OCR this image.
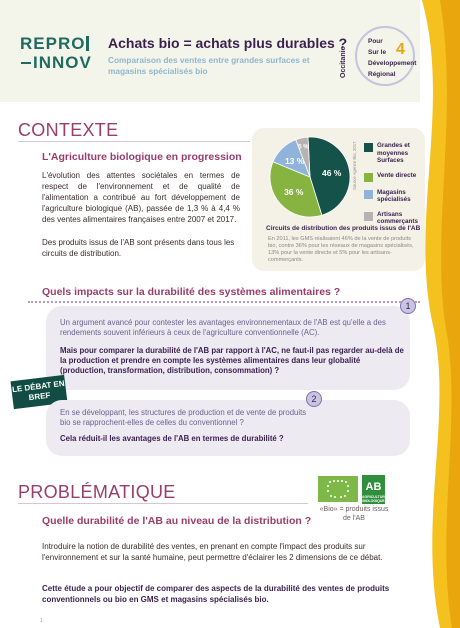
REPRO
INNOV
Achats bio = achats plus durables ?
Comparaison des ventes entre grandes surfaces et magasins spécialisés bio	Occitanie
Pour
Sur le
Développement
Régional
4
CONTEXTE
L'Agriculture biologique en progression
L'évolution des attentes sociétales en termes de respect de l'environnement et de qualité de l'alimentation a contribué au fort développement de l'agriculture biologique (AB), passée de 1,3 % à 4,4 % des ventes alimentaires françaises entre 2007 et 2017.
Des produits issus de l'AB sont présents dans tous les circuits de distribution.
46 %
36 %
13 %
5 %	Source Agence Bio, 2017	Grandes et moyennes Surfaces
Vente directe
Magasins spécialisés
Artisans commerçants
Circuits de distribution des produits issus de l'AB
En 2011, les GMS réalisaient 46% de la vente de produits bio, contre 36% pour les réseaux de magasins spécialisés, 13% pour la vente directe et 5% pour les artisans-commerçants.
Quels impacts sur la durabilité des systèmes alimentaires ?
1
Un argument avancé pour contester les avantages environnementaux de l'AB est qu'elle a des rendements souvent inférieurs à ceux de l'agriculture conventionnelle (AC).
Mais pour comparer la durabilité de l'AB par rapport à l'AC, ne faut-il pas regarder au-delà de la production et prendre en compte les systèmes alimentaires dans leur globalité (production, transformation, distribution, consommation) ?
LE DÉBAT EN BREF	2
En se développant, les structures de production et de vente de produits bio se rapprochent-elles de celles du conventionnel ?
Cela réduit-il les avantages de l'AB en termes de durabilité ?
PROBLÉMATIQUE
Quelle durabilité de l'AB au niveau de la distribution ?
AB
AGRICULTURE BIOLOGIQUE
«Bio» = produits issus de l'AB
Introduire la notion de durabilité des ventes, en prenant en compte l'impact des produits sur l'environnement et sur la santé humaine, peut permettre d'éclairer les 2 dimensions de ce débat.
Cette étude a pour objectif de comparer des aspects de la durabilité des ventes de produits conventionnels ou bio en GMS et magasins spécialisés bio.
1
